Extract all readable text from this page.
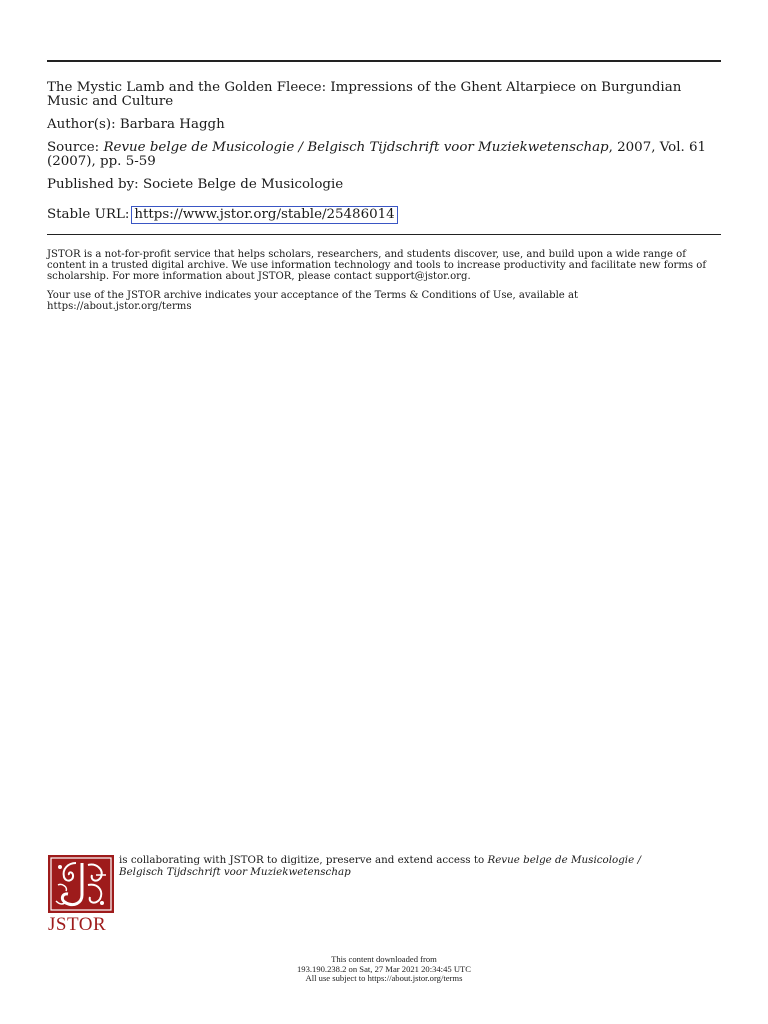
The Mystic Lamb and the Golden Fleece: Impressions of the Ghent Altarpiece on Burgundian Music and Culture
Author(s): Barbara Haggh
Source: Revue belge de Musicologie / Belgisch Tijdschrift voor Muziekwetenschap, 2007, Vol. 61 (2007), pp. 5-59
Published by: Societe Belge de Musicologie
Stable URL: https://www.jstor.org/stable/25486014
JSTOR is a not-for-profit service that helps scholars, researchers, and students discover, use, and build upon a wide range of content in a trusted digital archive. We use information technology and tools to increase productivity and facilitate new forms of scholarship. For more information about JSTOR, please contact support@jstor.org.
Your use of the JSTOR archive indicates your acceptance of the Terms & Conditions of Use, available at https://about.jstor.org/terms
JSTOR
is collaborating with JSTOR to digitize, preserve and extend access to Revue belge de Musicologie / Belgisch Tijdschrift voor Muziekwetenschap
This content downloaded from
193.190.238.2 on Sat, 27 Mar 2021 20:34:45 UTC
All use subject to https://about.jstor.org/terms
